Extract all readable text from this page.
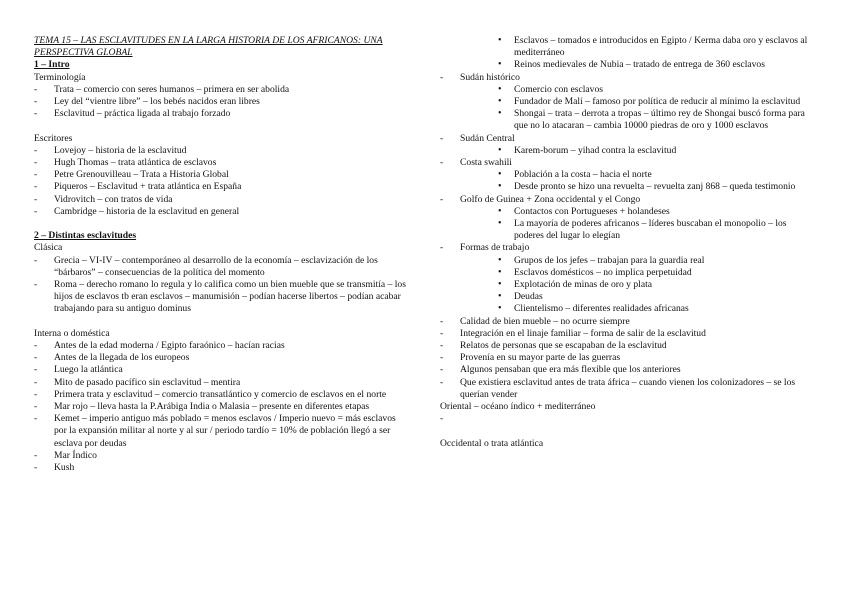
TEMA 15 – LAS ESCLAVITUDES EN LA LARGA HISTORIA DE LOS AFRICANOS: UNA PERSPECTIVA GLOBAL
1 – Intro
Terminología
- Trata – comercio con seres humanos – primera en ser abolida
- Ley del “vientre libre” – los bebés nacidos eran libres
- Esclavitud – práctica ligada al trabajo forzado
Escritores
- Lovejoy – historia de la esclavitud
- Hugh Thomas – trata atlántica de esclavos
- Petre Grenouvilleau – Trata a Historia Global
- Piqueros – Esclavitud + trata atlántica en España
- Vidrovitch – con tratos de vida
- Cambridge – historia de la esclavitud en general
2 – Distintas esclavitudes
Clásica
- Grecia – VI-IV – contemporáneo al desarrollo de la economía – esclavización de los “bárbaros” – consecuencias de la política del momento
- Roma – derecho romano lo regula y lo califica como un bien mueble que se transmitía – los hijos de esclavos tb eran esclavos – manumisión – podían hacerse libertos – podían acabar trabajando para su antiguo dominus
Interna o doméstica
- Antes de la edad moderna / Egipto faraónico – hacían racias
- Antes de la llegada de los europeos
- Luego la atlántica
- Mito de pasado pacífico sin esclavitud – mentira
- Primera trata y esclavitud – comercio transatlántico y comercio de esclavos en el norte
- Mar rojo – lleva hasta la P.Arábiga India o Malasia – presente en diferentes etapas
- Kemet – imperio antiguo más poblado = menos esclavos / Imperio nuevo = más esclavos por la expansión militar al norte y al sur / periodo tardío = 10% de población llegó a ser esclava por deudas
- Mar Índico
- Kush
• Esclavos – tomados e introducidos en Egipto / Kerma daba oro y esclavos al mediterráneo
• Reinos medievales de Nubia – tratado de entrega de 360 esclavos
- Sudán histórico
• Comercio con esclavos
• Fundador de Malí – famoso por política de reducir al mínimo la esclavitud
• Shongai – trata – derrota a tropas – último rey de Shongai buscó forma para que no lo atacaran – cambia 10000 piedras de oro y 1000 esclavos
- Sudán Central
• Karem-borum – yihad contra la esclavitud
- Costa swahili
• Población a la costa – hacia el norte
• Desde pronto se hizo una revuelta – revuelta zanj 868 – queda testimonio
- Golfo de Guinea + Zona occidental y el Congo
• Contactos con Portugueses + holandeses
• La mayoría de poderes africanos – líderes buscaban el monopolio – los poderes del lugar lo elegían
- Formas de trabajo
• Grupos de los jefes – trabajan para la guardia real
• Esclavos domésticos – no implica perpetuidad
• Explotación de minas de oro y plata
• Deudas
• Clientelismo – diferentes realidades africanas
- Calidad de bien mueble – no ocurre siempre
- Integración en el linaje familiar – forma de salir de la esclavitud
- Relatos de personas que se escapaban de la esclavitud
- Provenía en su mayor parte de las guerras
- Algunos pensaban que era más flexible que los anteriores
- Que existiera esclavitud antes de trata áfrica – cuando vienen los colonizadores – se los querían vender
Oriental – océano índico + mediterráneo
-
Occidental o trata atlántica
